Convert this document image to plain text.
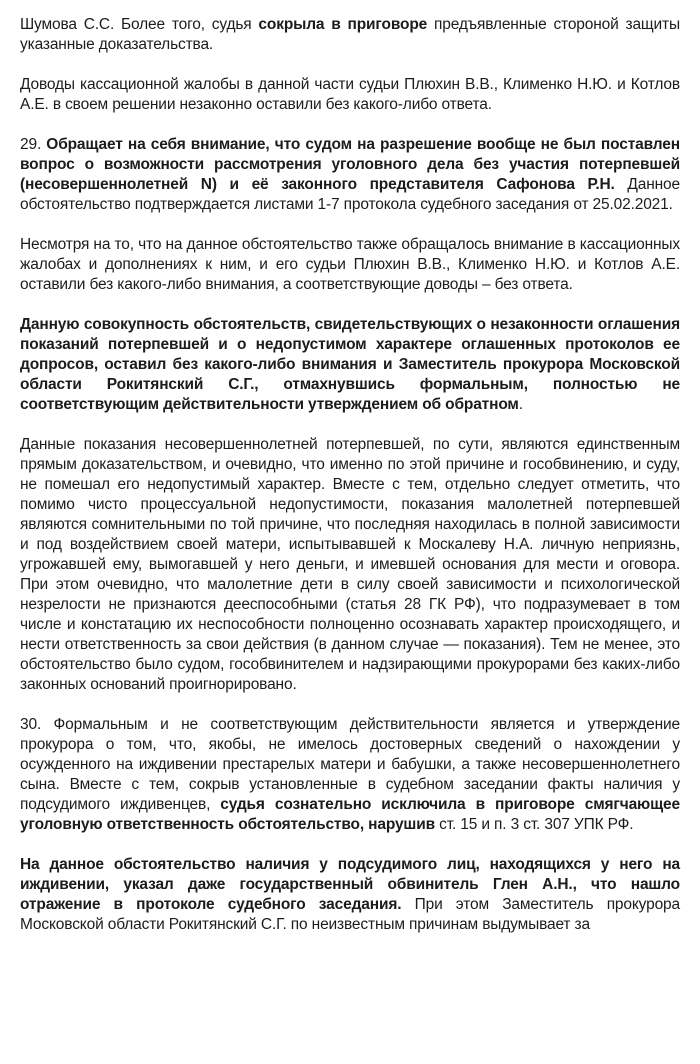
Шумова С.С. Более того, судья сокрыла в приговоре предъявленные стороной защиты указанные доказательства.

Доводы кассационной жалобы в данной части судьи Плюхин В.В., Клименко Н.Ю. и Котлов А.Е. в своем решении незаконно оставили без какого-либо ответа.

29. Обращает на себя внимание, что судом на разрешение вообще не был поставлен вопрос о возможности рассмотрения уголовного дела без участия потерпевшей (несовершеннолетней N) и её законного представителя Сафонова Р.Н. Данное обстоятельство подтверждается листами 1-7 протокола судебного заседания от 25.02.2021.

Несмотря на то, что на данное обстоятельство также обращалось внимание в кассационных жалобах и дополнениях к ним, и его судьи Плюхин В.В., Клименко Н.Ю. и Котлов А.Е. оставили без какого-либо внимания, а соответствующие доводы – без ответа.

Данную совокупность обстоятельств, свидетельствующих о незаконности оглашения показаний потерпевшей и о недопустимом характере оглашенных протоколов ее допросов, оставил без какого-либо внимания и Заместитель прокурора Московской области Рокитянский С.Г., отмахнувшись формальным, полностью не соответствующим действительности утверждением об обратном.

Данные показания несовершеннолетней потерпевшей, по сути, являются единственным прямым доказательством, и очевидно, что именно по этой причине и гособвинению, и суду, не помешал его недопустимый характер. Вместе с тем, отдельно следует отметить, что помимо чисто процессуальной недопустимости, показания малолетней потерпевшей являются сомнительными по той причине, что последняя находилась в полной зависимости и под воздействием своей матери, испытывавшей к Москалеву Н.А. личную неприязнь, угрожавшей ему, вымогавшей у него деньги, и имевшей основания для мести и оговора. При этом очевидно, что малолетние дети в силу своей зависимости и психологической незрелости не признаются дееспособными (статья 28 ГК РФ), что подразумевает в том числе и констатацию их неспособности полноценно осознавать характер происходящего, и нести ответственность за свои действия (в данном случае — показания). Тем не менее, это обстоятельство было судом, гособвинителем и надзирающими прокурорами без каких-либо законных оснований проигнорировано.

30. Формальным и не соответствующим действительности является и утверждение прокурора о том, что, якобы, не имелось достоверных сведений о нахождении у осужденного на иждивении престарелых матери и бабушки, а также несовершеннолетнего сына. Вместе с тем, сокрыв установленные в судебном заседании факты наличия у подсудимого иждивенцев, судья сознательно исключила в приговоре смягчающее уголовную ответственность обстоятельство, нарушив ст. 15 и п. 3 ст. 307 УПК РФ.

На данное обстоятельство наличия у подсудимого лиц, находящихся у него на иждивении, указал даже государственный обвинитель Глен А.Н., что нашло отражение в протоколе судебного заседания. При этом Заместитель прокурора Московской области Рокитянский С.Г. по неизвестным причинам выдумывает за
